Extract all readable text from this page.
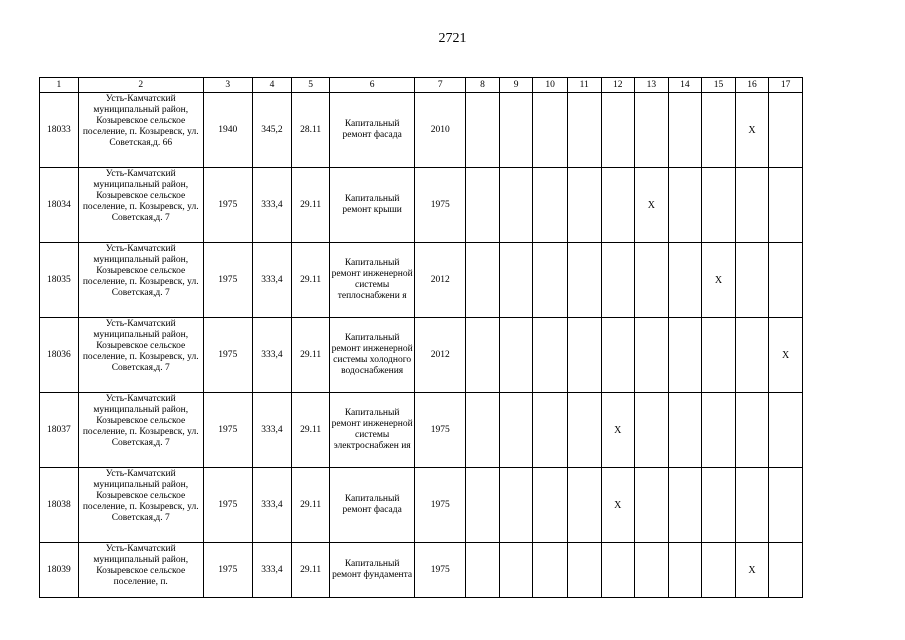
2721
1	2	3	4	5	6	7	8	9	10	11	12	13	14	15	16	17
18033	Усть-Камчатский муниципальный район, Козыревское сельское поселение, п. Козыревск, ул. Советская,д. 66	1940	345,2	28.11	Капитальный ремонт фасада	2010									Х	
18034	Усть-Камчатский муниципальный район, Козыревское сельское поселение, п. Козыревск, ул. Советская,д. 7	1975	333,4	29.11	Капитальный ремонт крыши	1975						Х				
18035	Усть-Камчатский муниципальный район, Козыревское сельское поселение, п. Козыревск, ул. Советская,д. 7	1975	333,4	29.11	Капитальный ремонт инженерной системы теплоснабжени я	2012								Х		
18036	Усть-Камчатский муниципальный район, Козыревское сельское поселение, п. Козыревск, ул. Советская,д. 7	1975	333,4	29.11	Капитальный ремонт инженерной системы холодного водоснабжения	2012										Х
18037	Усть-Камчатский муниципальный район, Козыревское сельское поселение, п. Козыревск, ул. Советская,д. 7	1975	333,4	29.11	Капитальный ремонт инженерной системы электроснабжен ия	1975					Х					
18038	Усть-Камчатский муниципальный район, Козыревское сельское поселение, п. Козыревск, ул. Советская,д. 7	1975	333,4	29.11	Капитальный ремонт фасада	1975					Х					
18039	Усть-Камчатский муниципальный район, Козыревское сельское поселение, п.	1975	333,4	29.11	Капитальный ремонт фундамента	1975									Х	
